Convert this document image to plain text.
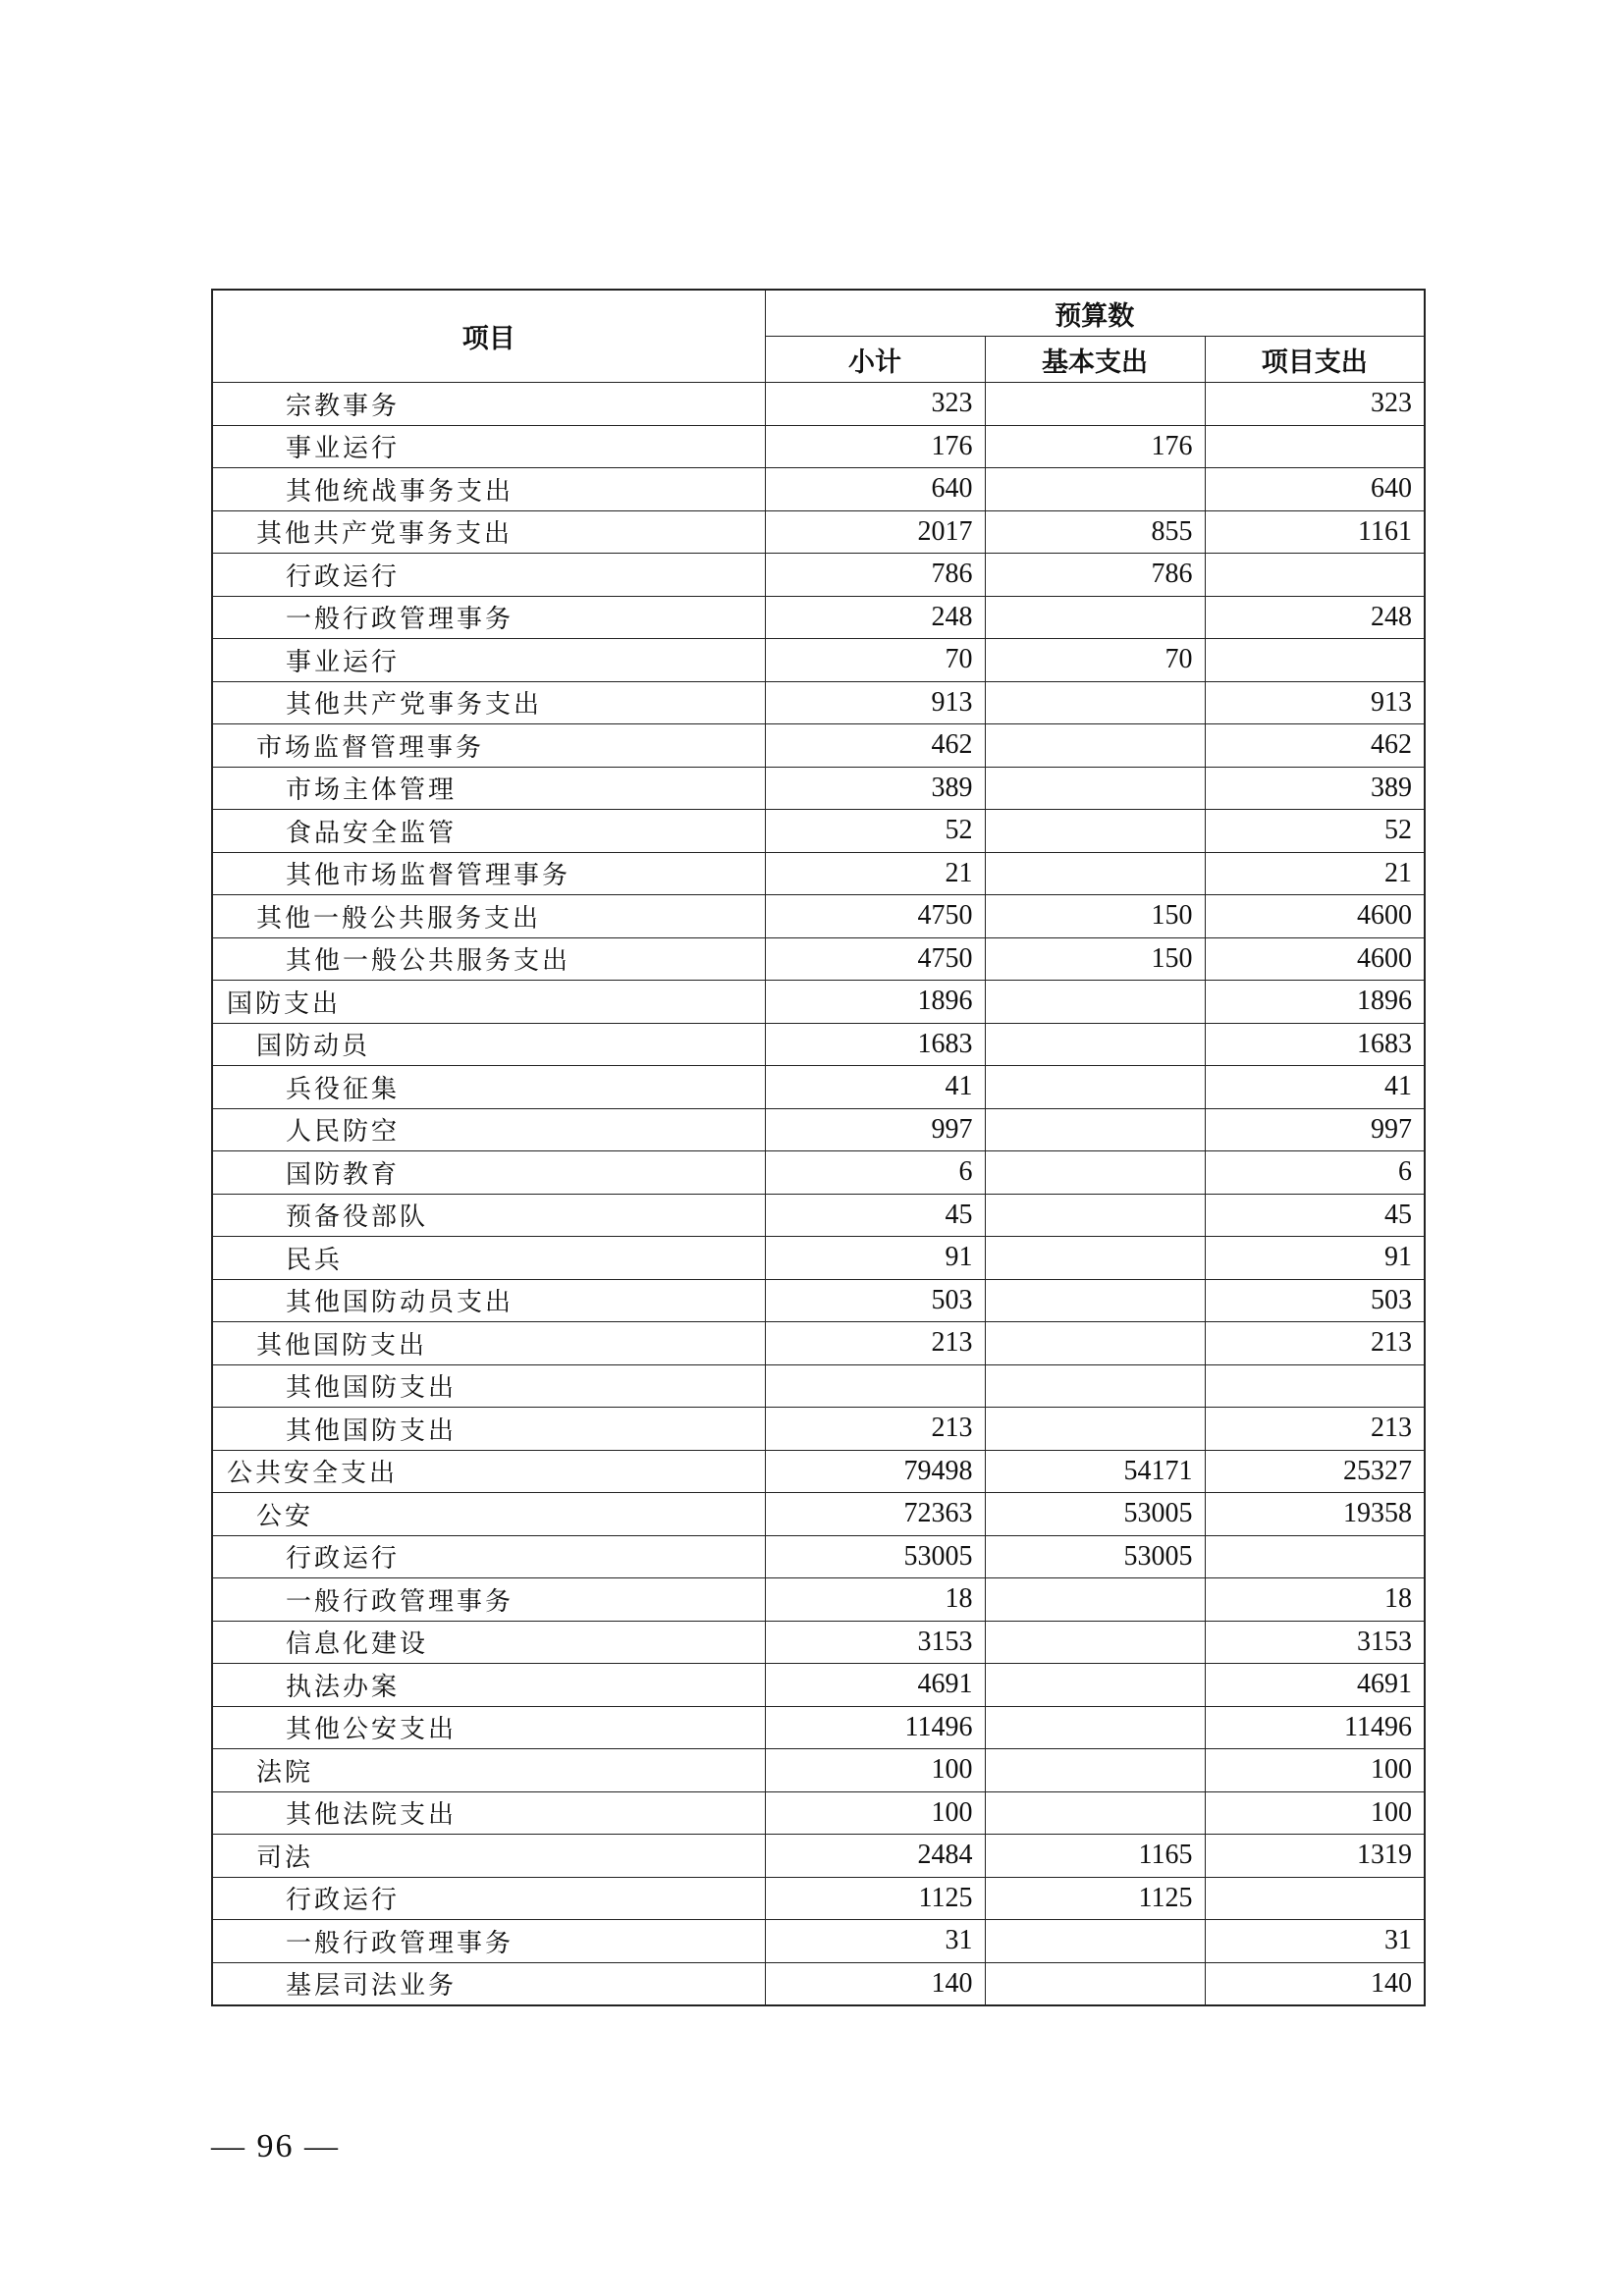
项目	预算数		
	小计	基本支出	项目支出
宗教事务	323		323
事业运行	176	176	
其他统战事务支出	640		640
其他共产党事务支出	2017	855	1161
行政运行	786	786	
一般行政管理事务	248		248
事业运行	70	70	
其他共产党事务支出	913		913
市场监督管理事务	462		462
市场主体管理	389		389
食品安全监管	52		52
其他市场监督管理事务	21		21
其他一般公共服务支出	4750	150	4600
其他一般公共服务支出	4750	150	4600
国防支出	1896		1896
国防动员	1683		1683
兵役征集	41		41
人民防空	997		997
国防教育	6		6
预备役部队	45		45
民兵	91		91
其他国防动员支出	503		503
其他国防支出	213		213
其他国防支出			
其他国防支出	213		213
公共安全支出	79498	54171	25327
公安	72363	53005	19358
行政运行	53005	53005	
一般行政管理事务	18		18
信息化建设	3153		3153
执法办案	4691		4691
其他公安支出	11496		11496
法院	100		100
其他法院支出	100		100
司法	2484	1165	1319
行政运行	1125	1125	
一般行政管理事务	31		31
基层司法业务	140		140
— 96 —
